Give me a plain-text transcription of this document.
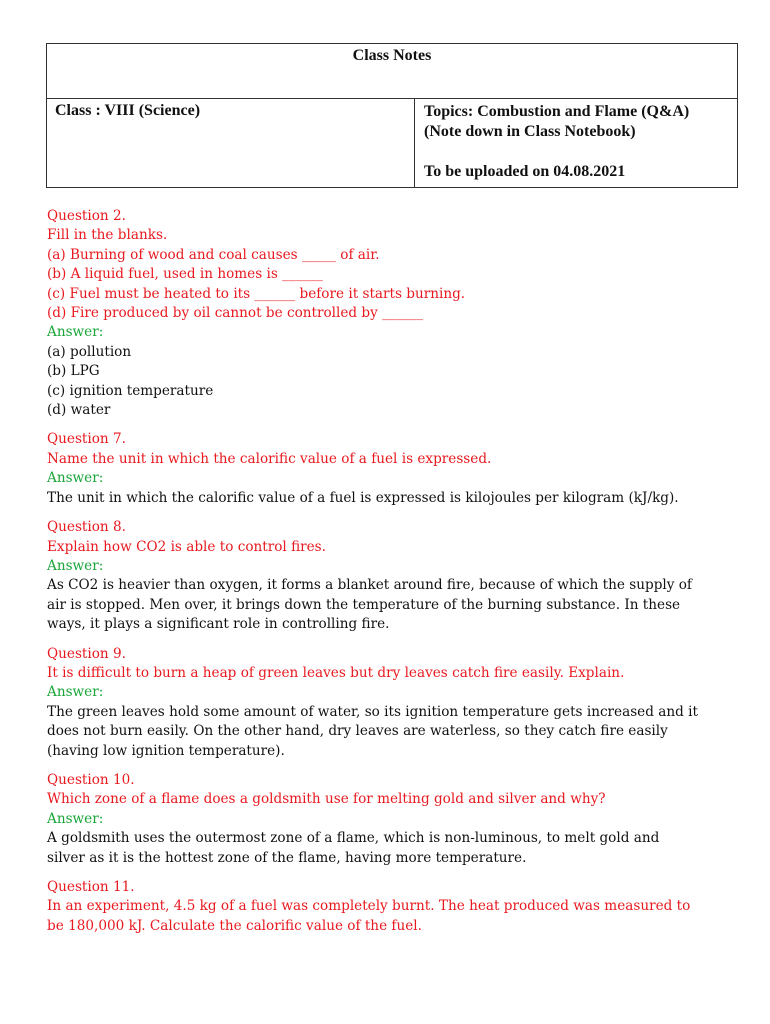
Class Notes
Class : VIII (Science)	Topics: Combustion and Flame (Q&A)
(Note down in Class Notebook)
To be uploaded on 04.08.2021
Question 2.
Fill in the blanks.
(a) Burning of wood and coal causes _____ of air.
(b) A liquid fuel, used in homes is ______
(c) Fuel must be heated to its ______ before it starts burning.
(d) Fire produced by oil cannot be controlled by ______
Answer:
(a) pollution
(b) LPG
(c) ignition temperature
(d) water
Question 7.
Name the unit in which the calorific value of a fuel is expressed.
Answer:
The unit in which the calorific value of a fuel is expressed is kilojoules per kilogram (kJ/kg).
Question 8.
Explain how CO2 is able to control fires.
Answer:
As CO2 is heavier than oxygen, it forms a blanket around fire, because of which the supply of
air is stopped. Men over, it brings down the temperature of the burning substance. In these
ways, it plays a significant role in controlling fire.
Question 9.
It is difficult to burn a heap of green leaves but dry leaves catch fire easily. Explain.
Answer:
The green leaves hold some amount of water, so its ignition temperature gets increased and it
does not burn easily. On the other hand, dry leaves are waterless, so they catch fire easily
(having low ignition temperature).
Question 10.
Which zone of a flame does a goldsmith use for melting gold and silver and why?
Answer:
A goldsmith uses the outermost zone of a flame, which is non-luminous, to melt gold and
silver as it is the hottest zone of the flame, having more temperature.
Question 11.
In an experiment, 4.5 kg of a fuel was completely burnt. The heat produced was measured to
be 180,000 kJ. Calculate the calorific value of the fuel.
